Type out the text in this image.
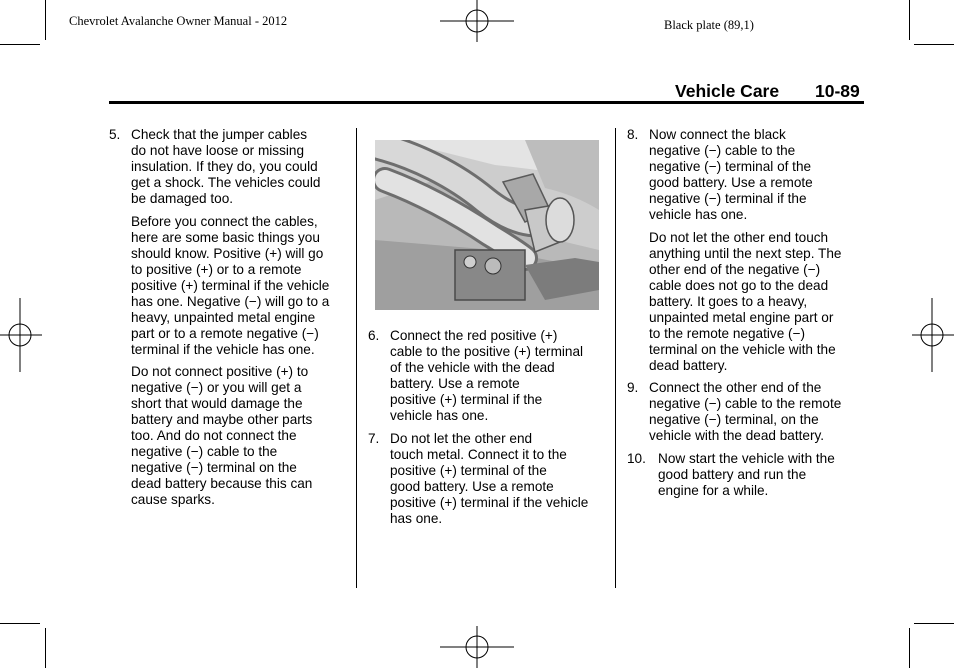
Chevrolet Avalanche Owner Manual - 2012	Black plate (89,1)
Vehicle Care 10-89
5. Check that the jumper cables
do not have loose or missing
insulation. If they do, you could
get a shock. The vehicles could
be damaged too.
Before you connect the cables,
here are some basic things you
should know. Positive (+) will go
to positive (+) or to a remote
positive (+) terminal if the vehicle
has one. Negative (−) will go to a
heavy, unpainted metal engine
part or to a remote negative (−)
terminal if the vehicle has one.
Do not connect positive (+) to
negative (−) or you will get a
short that would damage the
battery and maybe other parts
too. And do not connect the
negative (−) cable to the
negative (−) terminal on the
dead battery because this can
cause sparks.
6. Connect the red positive (+)
cable to the positive (+) terminal
of the vehicle with the dead
battery. Use a remote
positive (+) terminal if the
vehicle has one.
7. Do not let the other end
touch metal. Connect it to the
positive (+) terminal of the
good battery. Use a remote
positive (+) terminal if the vehicle
has one.
8. Now connect the black
negative (−) cable to the
negative (−) terminal of the
good battery. Use a remote
negative (−) terminal if the
vehicle has one.
Do not let the other end touch
anything until the next step. The
other end of the negative (−)
cable does not go to the dead
battery. It goes to a heavy,
unpainted metal engine part or
to the remote negative (−)
terminal on the vehicle with the
dead battery.
9. Connect the other end of the
negative (−) cable to the remote
negative (−) terminal, on the
vehicle with the dead battery.
10. Now start the vehicle with the
good battery and run the
engine for a while.
